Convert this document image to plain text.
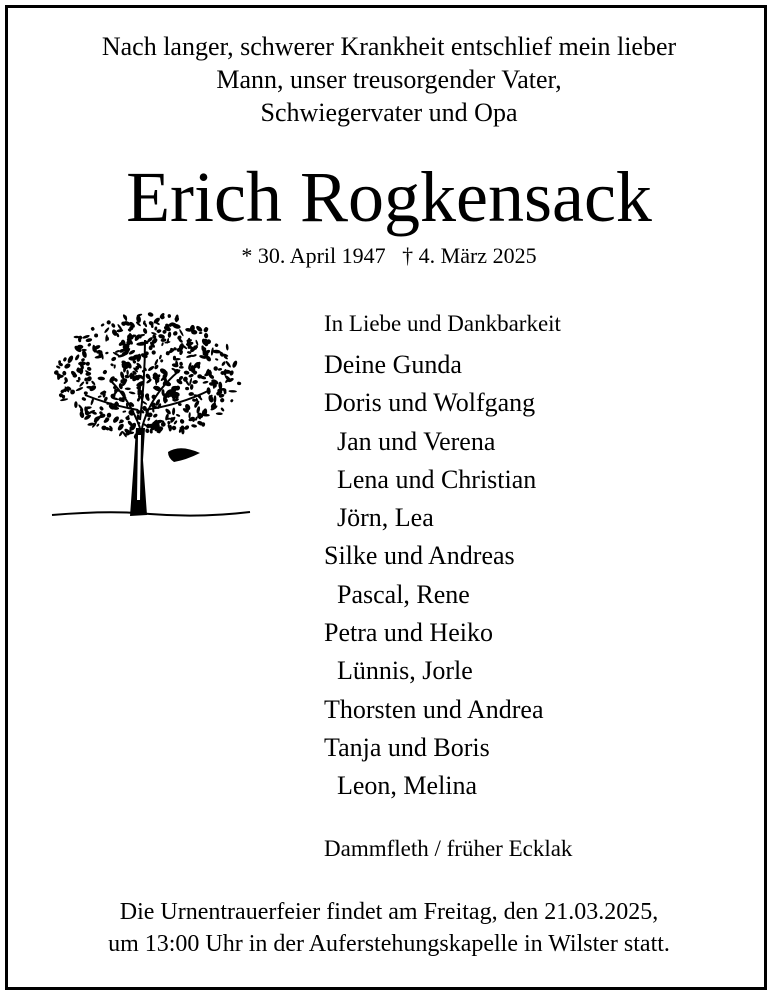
Nach langer, schwerer Krankheit entschlief mein lieber
Mann, unser treusorgender Vater,
Schwiegervater und Opa
Erich Rogkensack
* 30. April 1947 † 4. März 2025
In Liebe und Dankbarkeit
Deine Gunda
Doris und Wolfgang
Jan und Verena
Lena und Christian
Jörn, Lea
Silke und Andreas
Pascal, Rene
Petra und Heiko
Lünnis, Jorle
Thorsten und Andrea
Tanja und Boris
Leon, Melina
Dammfleth / früher Ecklak
Die Urnentrauerfeier findet am Freitag, den 21.03.2025,
um 13:00 Uhr in der Auferstehungskapelle in Wilster statt.
